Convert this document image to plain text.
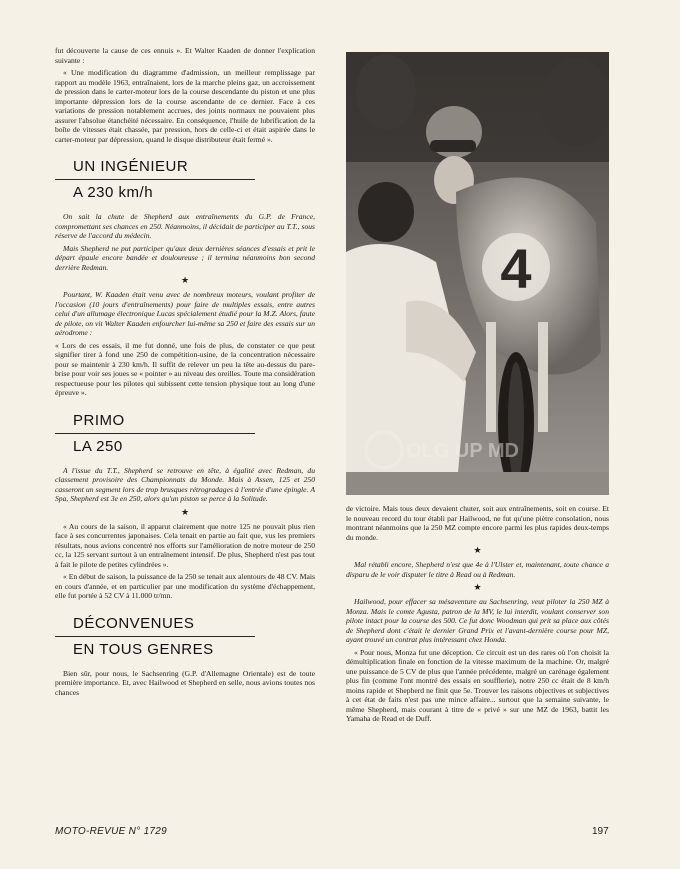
fut découverte la cause de ces ennuis ». Et Walter Kaaden de donner l'explication suivante :

« Une modification du diagramme d'admission, un meilleur remplissage par rapport au modèle 1963, entraînaient, lors de la marche pleins gaz, un accroissement de pression dans le carter-moteur lors de la course descendante du piston et une plus importante dépression lors de la course ascendante de ce dernier. Face à ces variations de pression notablement accrues, des joints normaux ne pouvaient plus assurer l'absolue étanchéité nécessaire. En conséquence, l'huile de lubrification de la boîte de vitesses était chassée, par pression, hors de celle-ci et était aspirée dans le carter-moteur par dépression, quand le disque distributeur était fermé ».

UN INGÉNIEUR
A 230 km/h

On sait la chute de Shepherd aux entraînements du G.P. de France, compromettant ses chances en 250. Néanmoins, il décidait de participer au T.T., sous réserve de l'accord du médecin.

Mais Shepherd ne put participer qu'aux deux dernières séances d'essais et prit le départ épaule encore bandée et douloureuse ; il termina néanmoins bon second derrière Redman.

★

Pourtant, W. Kaaden était venu avec de nombreux moteurs, voulant profiter de l'occasion (10 jours d'entraînements) pour faire de multiples essais, entre autres celui d'un allumage électronique Lucas spécialement étudié pour la M.Z. Alors, faute de pilote, on vit Walter Kaaden enfourcher lui-même sa 250 et faire des essais sur un aérodrome :

« Lors de ces essais, il me fut donné, une fois de plus, de constater ce que peut signifier tirer à fond une 250 de compétition-usine, de la concentration nécessaire pour se maintenir à 230 km/h. Il suffit de relever un peu la tête au-dessus du pare-brise pour voir ses joues se « pointer » au niveau des oreilles. Toute ma considération respectueuse pour les pilotes qui subissent cette tension physique tout au long d'une épreuve ».

PRIMO
LA 250

A l'issue du T.T., Shepherd se retrouve en tête, à égalité avec Redman, du classement provisoire des Championnats du Monde. Mais à Assen, 125 et 250 casseront un segment lors de trop brusques rétrogradages à l'entrée d'une épingle. A Spa, Shepherd est 3e en 250, alors qu'un piston se perce à la Solitude.

★

« Au cours de la saison, il apparut clairement que notre 125 ne pouvait plus rien face à ses concurrentes japonaises. Cela tenait en partie au fait que, vus les premiers résultats, nous avions concentré nos efforts sur l'amélioration de notre moteur de 250 cc, la 125 servant surtout à un entraînement intensif. De plus, Shepherd n'est pas tout à fait le pilote de petites cylindrées ».

« En début de saison, la puissance de la 250 se tenait aux alentours de 48 CV. Mais en cours d'année, et en particulier par une modification du système d'échappement, elle fut portée à 52 CV à 11.000 tr/mn.

DÉCONVENUES
EN TOUS GENRES

Bien sûr, pour nous, le Sachsenring (G.P. d'Allemagne Orientale) est de toute première importance. Et, avec Hailwood et Shepherd en selle, nous avions toutes nos chances

4
OLG UP MD

de victoire. Mais tous deux devaient chuter, soit aux entraînements, soit en course. Et le nouveau record du tour établi par Hailwood, ne fut qu'une piètre consolation, nous montrant néanmoins que la 250 MZ compte encore parmi les plus rapides deux-temps du monde.

★

Mal rétabli encore, Shepherd n'est que 4e à l'Ulster et, maintenant, toute chance a disparu de le voir disputer le titre à Read ou à Redman.

★

Hailwood, pour effacer sa mésaventure au Sachsenring, veut piloter la 250 MZ à Monza. Mais le comte Agusta, patron de la MV, le lui interdit, voulant conserver son pilote intact pour la course des 500. Ce fut donc Woodman qui prit sa place aux côtés de Shepherd dont c'était le dernier Grand Prix et l'avant-dernière course pour MZ, ayant trouvé un contrat plus intéressant chez Honda.

« Pour nous, Monza fut une déception. Ce circuit est un des rares où l'on choisit la démultiplication finale en fonction de la vitesse maximum de la machine. Or, malgré une puissance de 5 CV de plus que l'année précédente, malgré un carénage également plus fin (comme l'ont montré des essais en soufflerie), notre 250 cc était de 8 km/h moins rapide et Shepherd ne finit que 5e. Trouver les raisons objectives et subjectives à cet état de faits n'est pas une mince affaire... surtout que la semaine suivante, le même Shepherd, mais courant à titre de « privé » sur une MZ de 1963, battit les Yamaha de Read et de Duff.

MOTO-REVUE N° 1729	197
